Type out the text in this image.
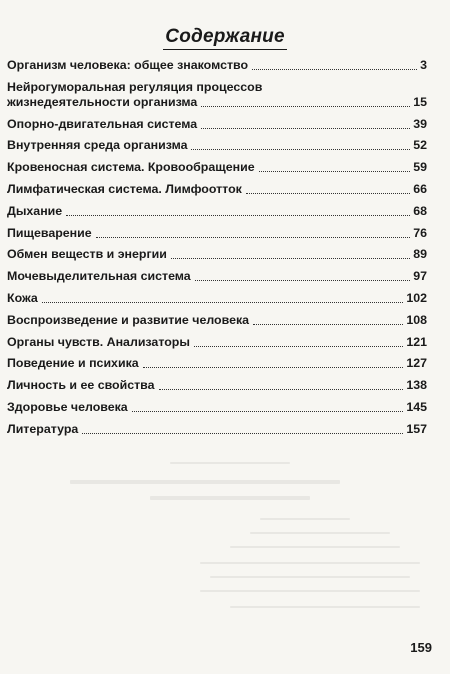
Содержание
Организм человека: общее знакомство	3
Нейрогуморальная регуляция процессов
жизнедеятельности организма	15
Опорно-двигательная система	39
Внутренняя среда организма	52
Кровеносная система. Кровообращение	59
Лимфатическая система. Лимфоотток	66
Дыхание	68
Пищеварение	76
Обмен веществ и энергии	89
Мочевыделительная система	97
Кожа	102
Воспроизведение и развитие человека	108
Органы чувств. Анализаторы	121
Поведение и психика	127
Личность и ее свойства	138
Здоровье человека	145
Литература	157
159
